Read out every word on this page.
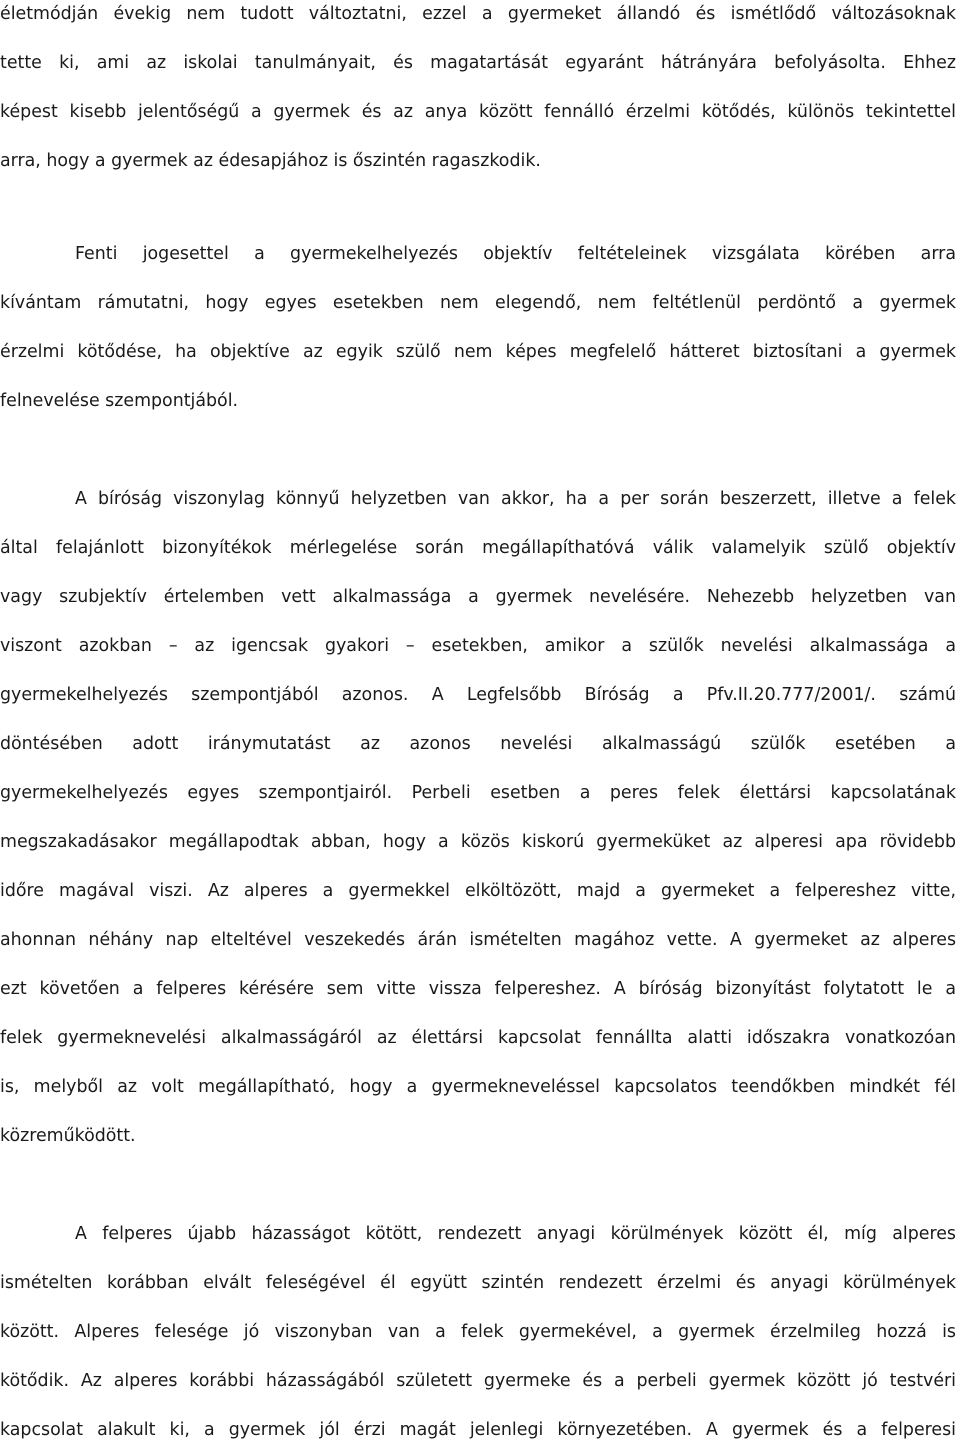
életmódján évekig nem tudott változtatni, ezzel a gyermeket állandó és ismétlődő változásoknak
tette ki, ami az iskolai tanulmányait, és magatartását egyaránt hátrányára befolyásolta. Ehhez
képest kisebb jelentőségű a gyermek és az anya között fennálló érzelmi kötődés, különös tekintettel
arra, hogy a gyermek az édesapjához is őszintén ragaszkodik.
Fenti jogesettel a gyermekelhelyezés objektív feltételeinek vizsgálata körében arra
kívántam rámutatni, hogy egyes esetekben nem elegendő, nem feltétlenül perdöntő a gyermek
érzelmi kötődése, ha objektíve az egyik szülő nem képes megfelelő hátteret biztosítani a gyermek
felnevelése szempontjából.
A bíróság viszonylag könnyű helyzetben van akkor, ha a per során beszerzett, illetve a felek
által felajánlott bizonyítékok mérlegelése során megállapíthatóvá válik valamelyik szülő objektív
vagy szubjektív értelemben vett alkalmassága a gyermek nevelésére. Nehezebb helyzetben van
viszont azokban – az igencsak gyakori – esetekben, amikor a szülők nevelési alkalmassága a
gyermekelhelyezés szempontjából azonos. A Legfelsőbb Bíróság a Pfv.II.20.777/2001/. számú
döntésében adott iránymutatást az azonos nevelési alkalmasságú szülők esetében a
gyermekelhelyezés egyes szempontjairól. Perbeli esetben a peres felek élettársi kapcsolatának
megszakadásakor megállapodtak abban, hogy a közös kiskorú gyermeküket az alperesi apa rövidebb
időre magával viszi. Az alperes a gyermekkel elköltözött, majd a gyermeket a felpereshez vitte,
ahonnan néhány nap elteltével veszekedés árán ismételten magához vette. A gyermeket az alperes
ezt követően a felperes kérésére sem vitte vissza felpereshez. A bíróság bizonyítást folytatott le a
felek gyermeknevelési alkalmasságáról az élettársi kapcsolat fennállta alatti időszakra vonatkozóan
is, melyből az volt megállapítható, hogy a gyermekneveléssel kapcsolatos teendőkben mindkét fél
közreműködött.
A felperes újabb házasságot kötött, rendezett anyagi körülmények között él, míg alperes
ismételten korábban elvált feleségével él együtt szintén rendezett érzelmi és anyagi körülmények
között. Alperes felesége jó viszonyban van a felek gyermekével, a gyermek érzelmileg hozzá is
kötődik. Az alperes korábbi házasságából született gyermeke és a perbeli gyermek között jó testvéri
kapcsolat alakult ki, a gyermek jól érzi magát jelenlegi környezetében. A gyermek és a felperesi
